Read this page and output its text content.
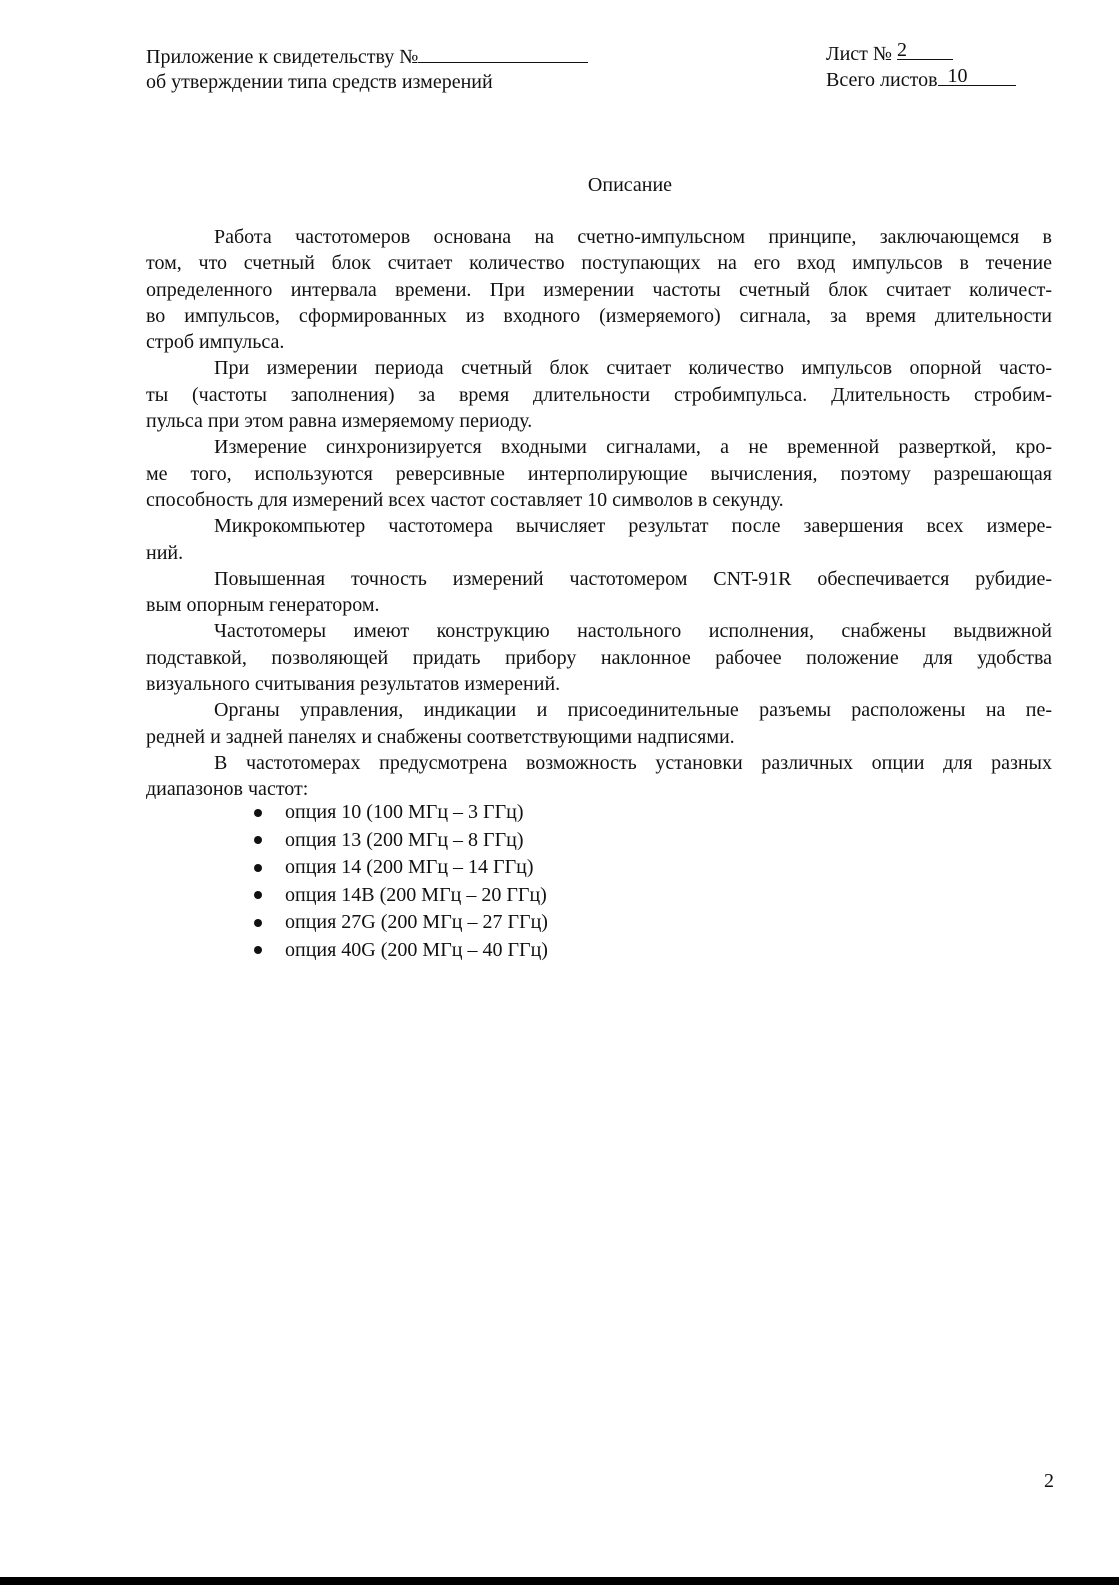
Приложение к свидетельству №
об утверждении типа средств измерений
Лист № 2
Всего листов 10
Описание
Работа частотомеров основана на счетно-импульсном принципе, заключающемся в
том, что счетный блок считает количество поступающих на его вход импульсов в течение
определенного интервала времени. При измерении частоты счетный блок считает количест-
во импульсов, сформированных из входного (измеряемого) сигнала, за время длительности
строб импульса.
При измерении периода счетный блок считает количество импульсов опорной часто-
ты (частоты заполнения) за время длительности стробимпульса. Длительность стробим-
пульса при этом равна измеряемому периоду.
Измерение синхронизируется входными сигналами, а не временной разверткой, кро-
ме того, используются реверсивные интерполирующие вычисления, поэтому разрешающая
способность для измерений всех частот составляет 10 символов в секунду.
Микрокомпьютер частотомера вычисляет результат после завершения всех измере-
ний.
Повышенная точность измерений частотомером CNT-91R обеспечивается рубидие-
вым опорным генератором.
Частотомеры имеют конструкцию настольного исполнения, снабжены выдвижной
подставкой, позволяющей придать прибору наклонное рабочее положение для удобства
визуального считывания результатов измерений.
Органы управления, индикации и присоединительные разъемы расположены на пе-
редней и задней панелях и снабжены соответствующими надписями.
В частотомерах предусмотрена возможность установки различных опции для разных
диапазонов частот:
опция 10 (100 МГц – 3 ГГц)
опция 13 (200 МГц – 8 ГГц)
опция 14 (200 МГц – 14 ГГц)
опция 14В (200 МГц – 20 ГГц)
опция 27G (200 МГц – 27 ГГц)
опция 40G (200 МГц – 40 ГГц)
2
